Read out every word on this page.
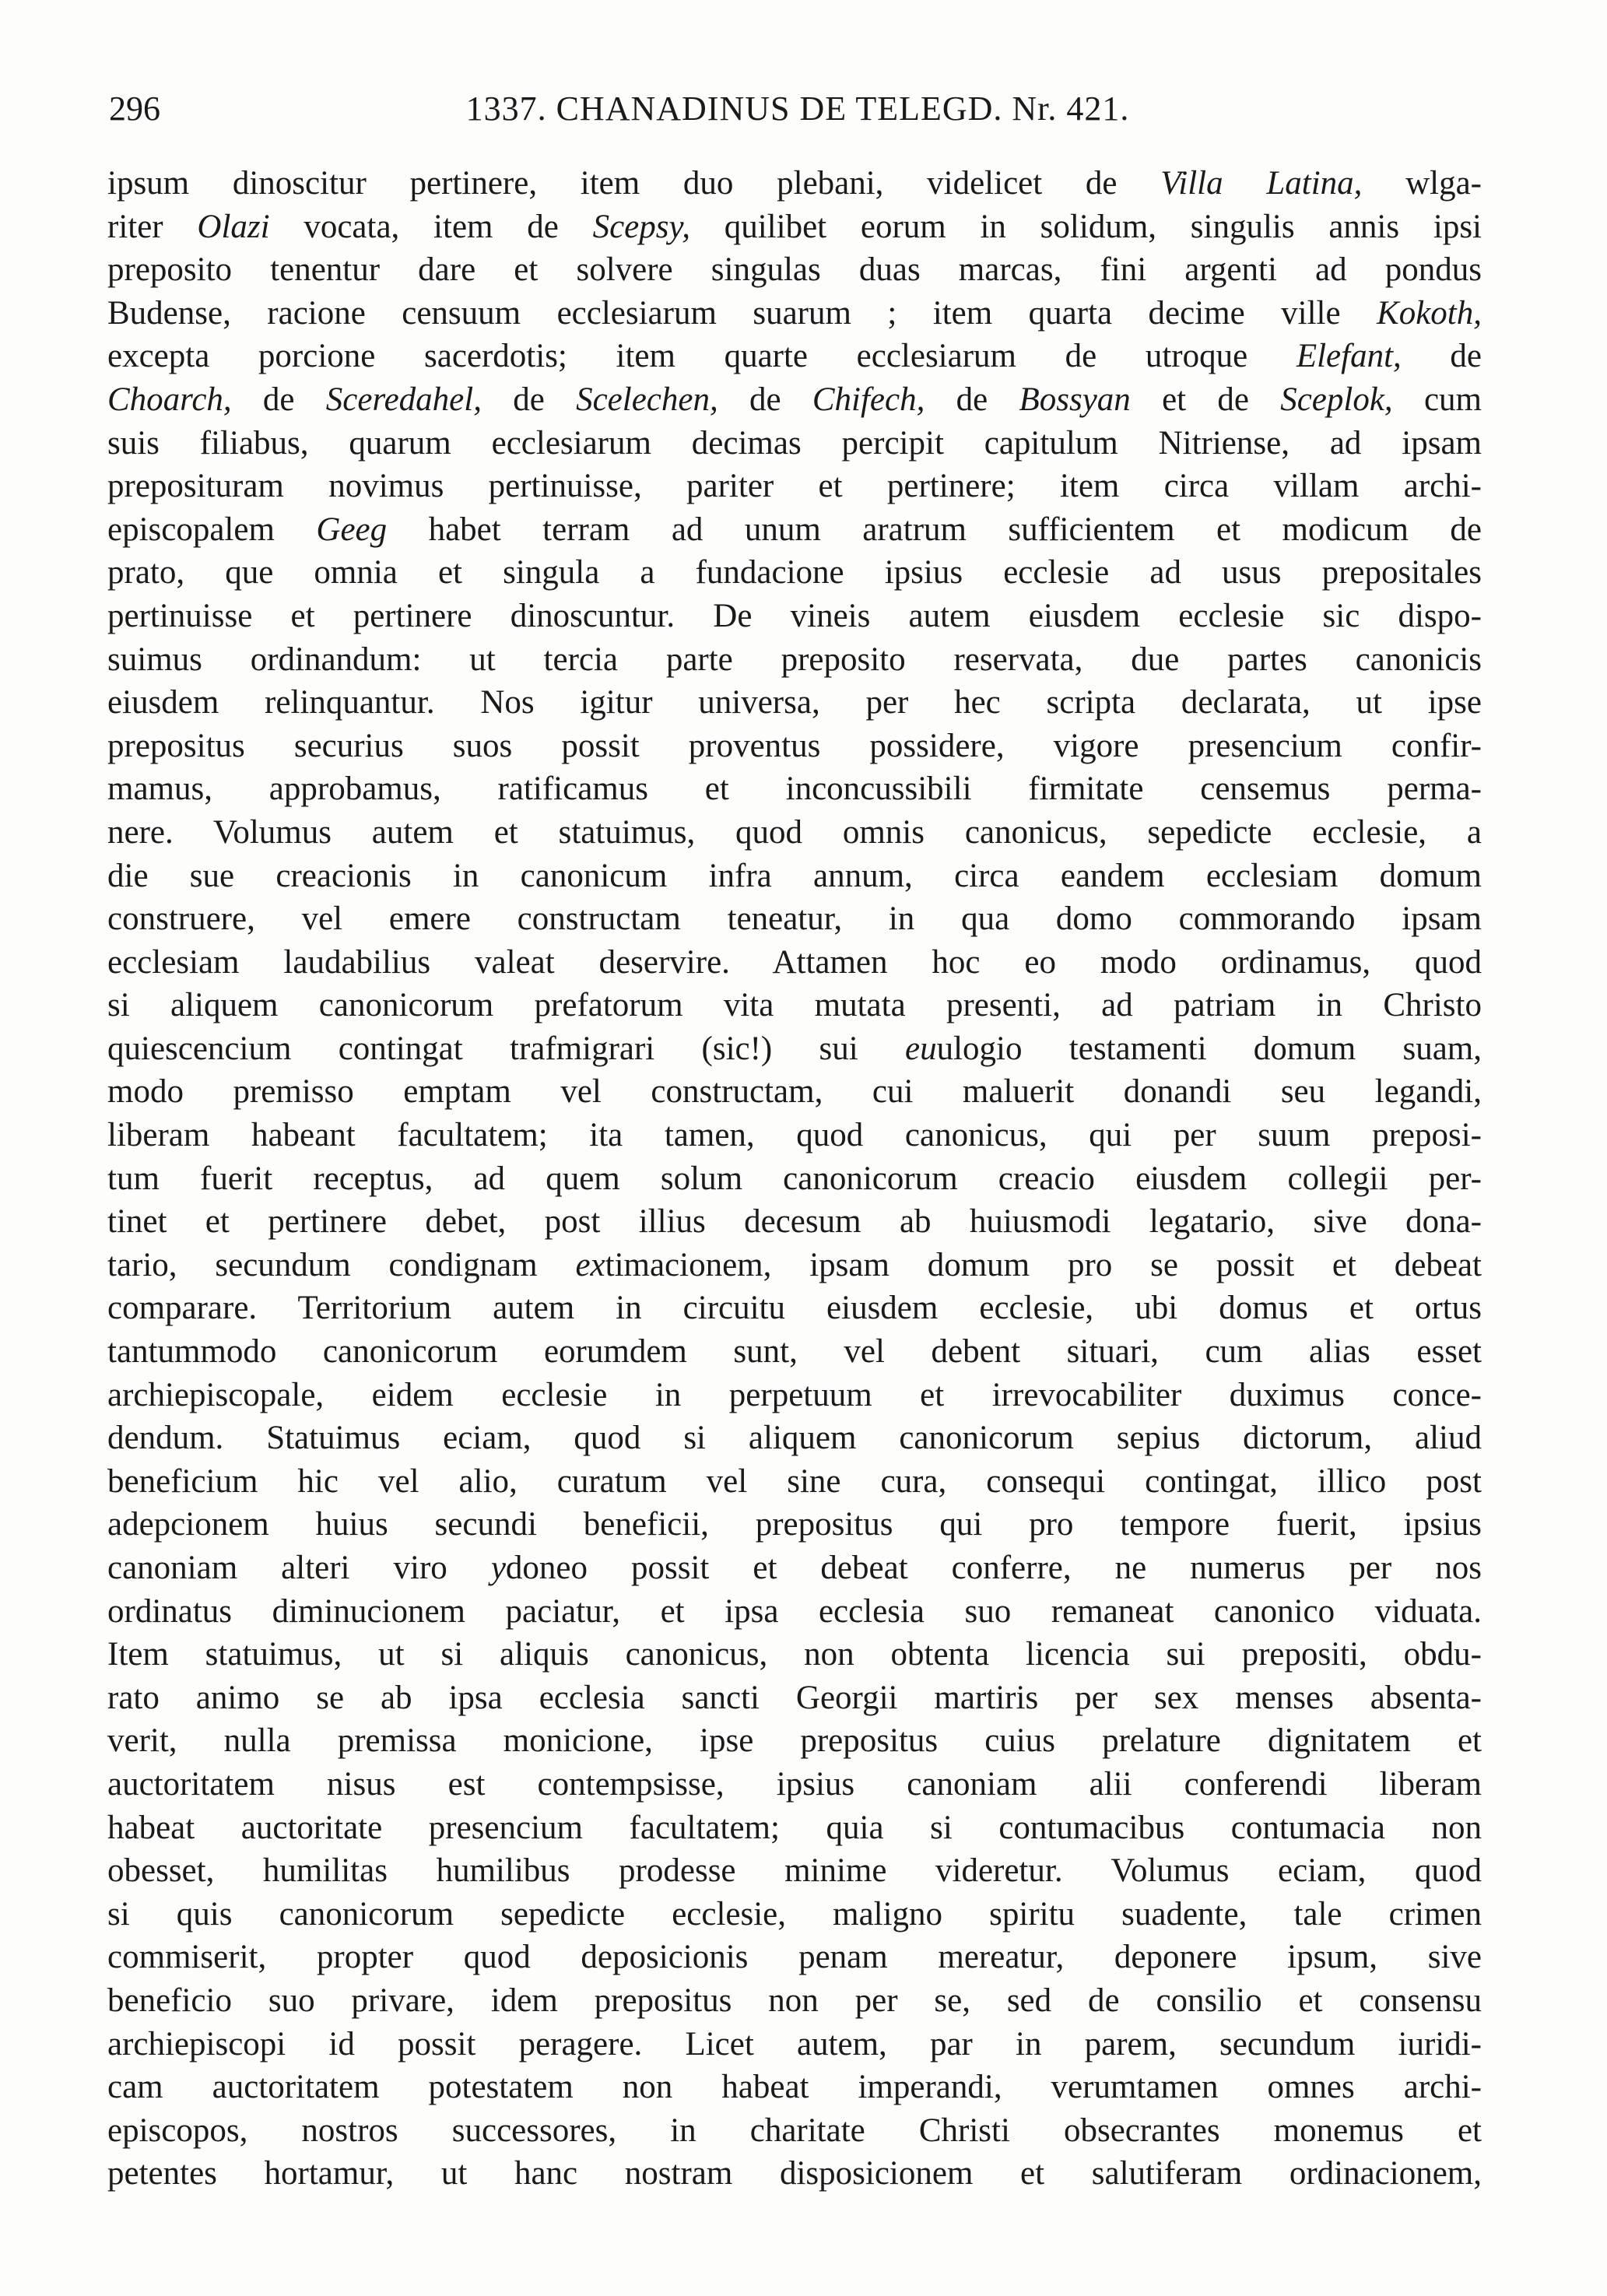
296	1337. CHANADINUS DE TELEGD. Nr. 421.
ipsum dinoscitur pertinere, item duo plebani, videlicet de Villa Latina, wlga-
riter Olazi vocata, item de Scepsy, quilibet eorum in solidum, singulis annis ipsi
preposito tenentur dare et solvere singulas duas marcas, fini argenti ad pondus
Budense, racione censuum ecclesiarum suarum ; item quarta decime ville Kokoth,
excepta porcione sacerdotis; item quarte ecclesiarum de utroque Elefant, de
Choarch, de Sceredahel, de Scelechen, de Chifech, de Bossyan et de Sceplok, cum
suis filiabus, quarum ecclesiarum decimas percipit capitulum Nitriense, ad ipsam
preposituram novimus pertinuisse, pariter et pertinere; item circa villam archi-
episcopalem Geeg habet terram ad unum aratrum sufficientem et modicum de
prato, que omnia et singula a fundacione ipsius ecclesie ad usus prepositales
pertinuisse et pertinere dinoscuntur. De vineis autem eiusdem ecclesie sic dispo-
suimus ordinandum: ut tercia parte preposito reservata, due partes canonicis
eiusdem relinquantur. Nos igitur universa, per hec scripta declarata, ut ipse
prepositus securius suos possit proventus possidere, vigore presencium confir-
mamus, approbamus, ratificamus et inconcussibili firmitate censemus perma-
nere. Volumus autem et statuimus, quod omnis canonicus, sepedicte ecclesie, a
die sue creacionis in canonicum infra annum, circa eandem ecclesiam domum
construere, vel emere constructam teneatur, in qua domo commorando ipsam
ecclesiam laudabilius valeat deservire. Attamen hoc eo modo ordinamus, quod
si aliquem canonicorum prefatorum vita mutata presenti, ad patriam in Christo
quiescencium contingat trafmigrari (sic!) sui euulogio testamenti domum suam,
modo premisso emptam vel constructam, cui maluerit donandi seu legandi,
liberam habeant facultatem; ita tamen, quod canonicus, qui per suum preposi-
tum fuerit receptus, ad quem solum canonicorum creacio eiusdem collegii per-
tinet et pertinere debet, post illius decesum ab huiusmodi legatario, sive dona-
tario, secundum condignam extimacionem, ipsam domum pro se possit et debeat
comparare. Territorium autem in circuitu eiusdem ecclesie, ubi domus et ortus
tantummodo canonicorum eorumdem sunt, vel debent situari, cum alias esset
archiepiscopale, eidem ecclesie in perpetuum et irrevocabiliter duximus conce-
dendum. Statuimus eciam, quod si aliquem canonicorum sepius dictorum, aliud
beneficium hic vel alio, curatum vel sine cura, consequi contingat, illico post
adepcionem huius secundi beneficii, prepositus qui pro tempore fuerit, ipsius
canoniam alteri viro ydoneo possit et debeat conferre, ne numerus per nos
ordinatus diminucionem paciatur, et ipsa ecclesia suo remaneat canonico viduata.
Item statuimus, ut si aliquis canonicus, non obtenta licencia sui prepositi, obdu-
rato animo se ab ipsa ecclesia sancti Georgii martiris per sex menses absenta-
verit, nulla premissa monicione, ipse prepositus cuius prelature dignitatem et
auctoritatem nisus est contempsisse, ipsius canoniam alii conferendi liberam
habeat auctoritate presencium facultatem; quia si contumacibus contumacia non
obesset, humilitas humilibus prodesse minime videretur. Volumus eciam, quod
si quis canonicorum sepedicte ecclesie, maligno spiritu suadente, tale crimen
commiserit, propter quod deposicionis penam mereatur, deponere ipsum, sive
beneficio suo privare, idem prepositus non per se, sed de consilio et consensu
archiepiscopi id possit peragere. Licet autem, par in parem, secundum iuridi-
cam auctoritatem potestatem non habeat imperandi, verumtamen omnes archi-
episcopos, nostros successores, in charitate Christi obsecrantes monemus et
petentes hortamur, ut hanc nostram disposicionem et salutiferam ordinacionem,
